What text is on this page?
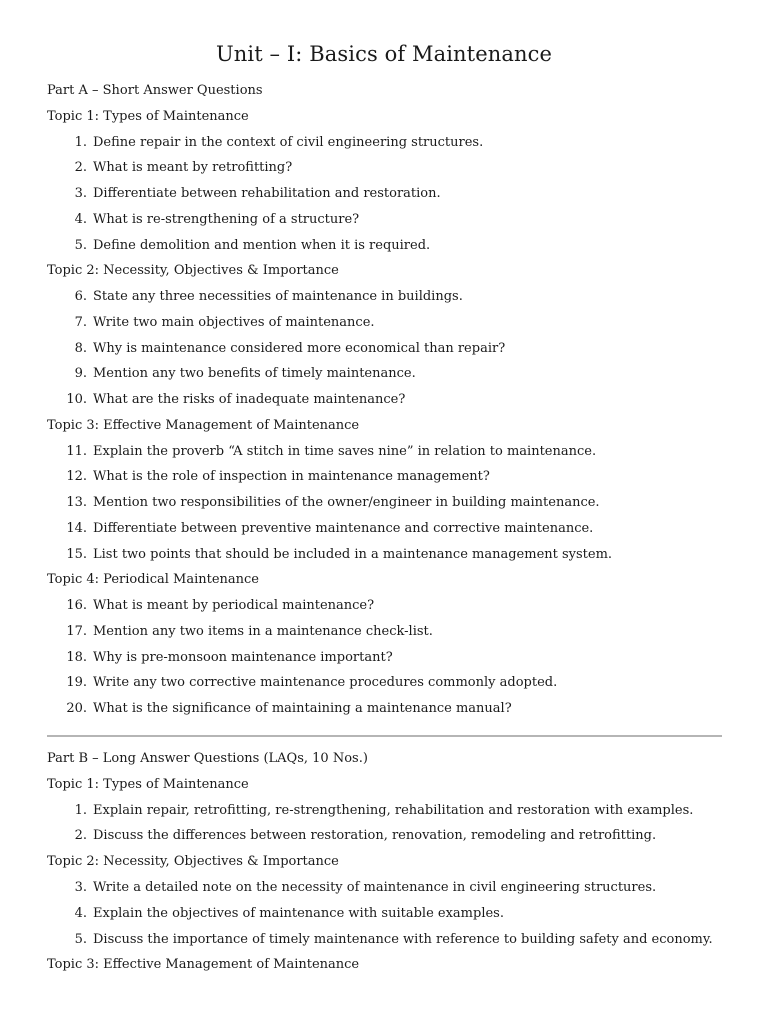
Unit – I: Basics of Maintenance
Part A – Short Answer Questions
Topic 1: Types of Maintenance
1. Define repair in the context of civil engineering structures.
2. What is meant by retrofitting?
3. Differentiate between rehabilitation and restoration.
4. What is re-strengthening of a structure?
5. Define demolition and mention when it is required.
Topic 2: Necessity, Objectives & Importance
6. State any three necessities of maintenance in buildings.
7. Write two main objectives of maintenance.
8. Why is maintenance considered more economical than repair?
9. Mention any two benefits of timely maintenance.
10. What are the risks of inadequate maintenance?
Topic 3: Effective Management of Maintenance
11. Explain the proverb “A stitch in time saves nine” in relation to maintenance.
12. What is the role of inspection in maintenance management?
13. Mention two responsibilities of the owner/engineer in building maintenance.
14. Differentiate between preventive maintenance and corrective maintenance.
15. List two points that should be included in a maintenance management system.
Topic 4: Periodical Maintenance
16. What is meant by periodical maintenance?
17. Mention any two items in a maintenance check-list.
18. Why is pre-monsoon maintenance important?
19. Write any two corrective maintenance procedures commonly adopted.
20. What is the significance of maintaining a maintenance manual?
Part B – Long Answer Questions (LAQs, 10 Nos.)
Topic 1: Types of Maintenance
1. Explain repair, retrofitting, re-strengthening, rehabilitation and restoration with examples.
2. Discuss the differences between restoration, renovation, remodeling and retrofitting.
Topic 2: Necessity, Objectives & Importance
3. Write a detailed note on the necessity of maintenance in civil engineering structures.
4. Explain the objectives of maintenance with suitable examples.
5. Discuss the importance of timely maintenance with reference to building safety and economy.
Topic 3: Effective Management of Maintenance
